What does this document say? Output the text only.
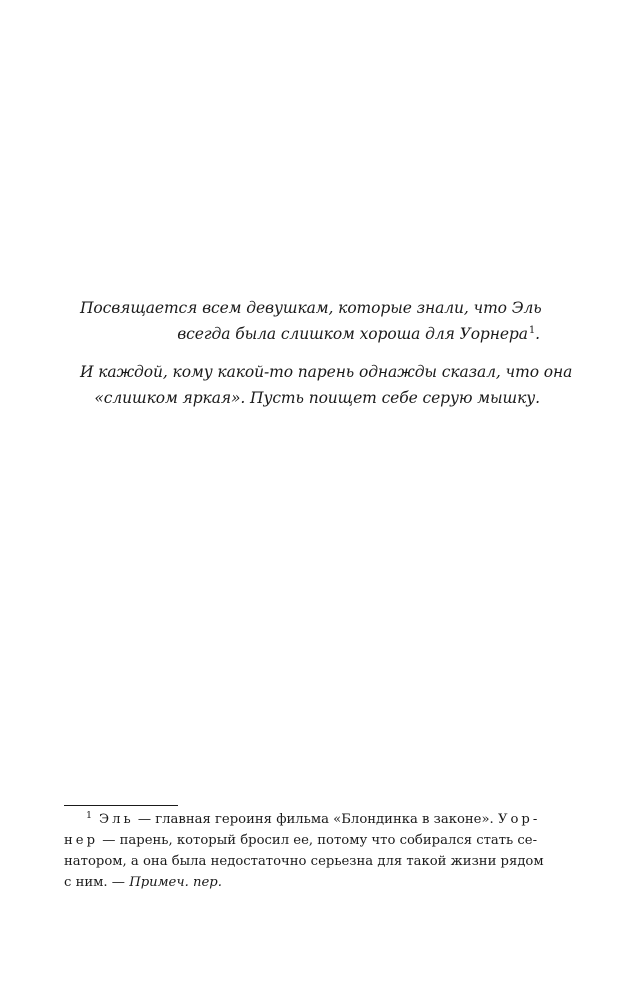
Посвящается всем девушкам, которые знали, что Эль
всегда была слишком хороша для Уорнера$^1$.

И каждой, кому какой-то парень однажды сказал, что она
«слишком яркая». Пусть поищет себе серую мышку.

$^1$ Эль — главная героиня фильма «Блондинка в законе». Уор-
нер — парень, который бросил ее, потому что собирался стать се-
натором, а она была недостаточно серьезна для такой жизни рядом
с ним. — Примеч. пер.
